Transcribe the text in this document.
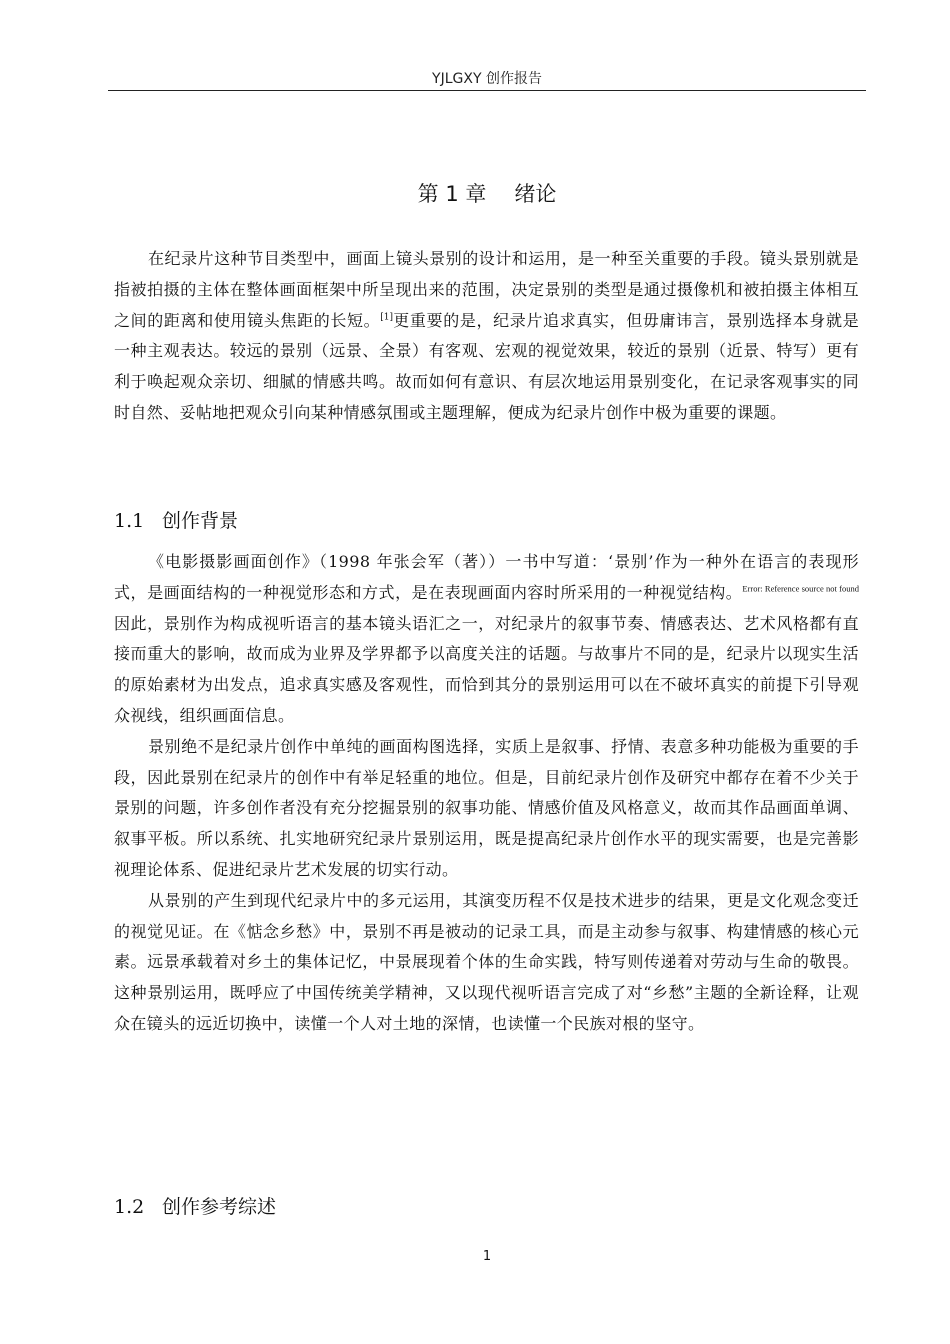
YJLGXY 创作报告
第 1 章 绪论

在纪录片这种节目类型中，画面上镜头景别的设计和运用，是一种至关重要的手段。镜头景别就是指被拍摄的主体在整体画面框架中所呈现出来的范围，决定景别的类型是通过摄像机和被拍摄主体相互之间的距离和使用镜头焦距的长短。[1]更重要的是，纪录片追求真实，但毋庸讳言，景别选择本身就是一种主观表达。较远的景别（远景、全景）有客观、宏观的视觉效果，较近的景别（近景、特写）更有利于唤起观众亲切、细腻的情感共鸣。故而如何有意识、有层次地运用景别变化，在记录客观事实的同时自然、妥帖地把观众引向某种情感氛围或主题理解，便成为纪录片创作中极为重要的课题。

1.1 创作背景

《电影摄影画面创作》（1998 年张会军（著））一书中写道：‘景别’作为一种外在语言的表现形式，是画面结构的一种视觉形态和方式，是在表现画面内容时所采用的一种视觉结构。$^{Error: Reference source not found}$因此，景别作为构成视听语言的基本镜头语汇之一，对纪录片的叙事节奏、情感表达、艺术风格都有直接而重大的影响，故而成为业界及学界都予以高度关注的话题。与故事片不同的是，纪录片以现实生活的原始素材为出发点，追求真实感及客观性，而恰到其分的景别运用可以在不破坏真实的前提下引导观众视线，组织画面信息。

景别绝不是纪录片创作中单纯的画面构图选择，实质上是叙事、抒情、表意多种功能极为重要的手段，因此景别在纪录片的创作中有举足轻重的地位。但是，目前纪录片创作及研究中都存在着不少关于景别的问题，许多创作者没有充分挖掘景别的叙事功能、情感价值及风格意义，故而其作品画面单调、叙事平板。所以系统、扎实地研究纪录片景别运用，既是提高纪录片创作水平的现实需要，也是完善影视理论体系、促进纪录片艺术发展的切实行动。

从景别的产生到现代纪录片中的多元运用，其演变历程不仅是技术进步的结果，更是文化观念变迁的视觉见证。在《惦念乡愁》中，景别不再是被动的记录工具，而是主动参与叙事、构建情感的核心元素。远景承载着对乡土的集体记忆，中景展现着个体的生命实践，特写则传递着对劳动与生命的敬畏。这种景别运用，既呼应了中国传统美学精神，又以现代视听语言完成了对“乡愁”主题的全新诠释，让观众在镜头的远近切换中，读懂一个人对土地的深情，也读懂一个民族对根的坚守。

1.2 创作参考综述
1
